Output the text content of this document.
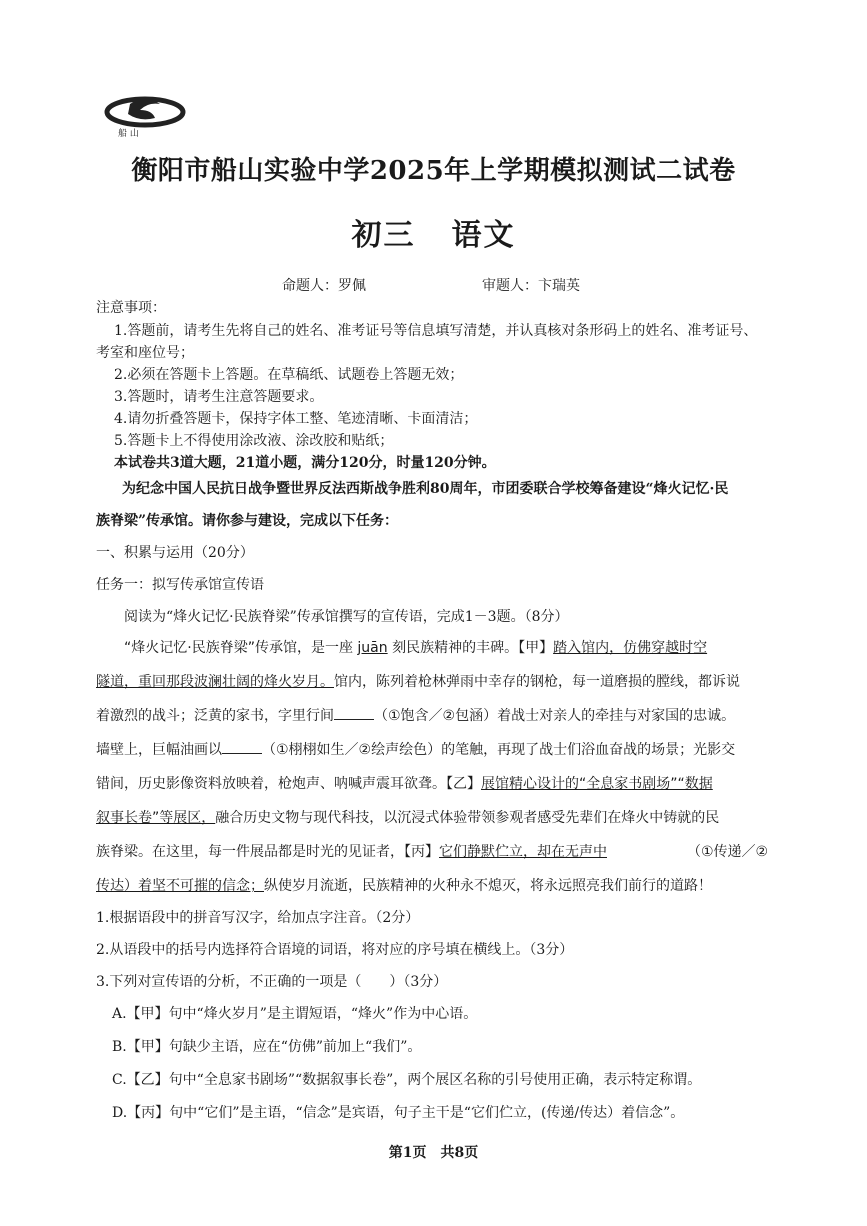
船 山
衡阳市船山实验中学2025年上学期模拟测试二试卷
初三 语文
命题人：罗佩	审题人：卞瑞英
注意事项：
1.答题前，请考生先将自己的姓名、准考证号等信息填写清楚，并认真核对条形码上的姓名、准考证号、
考室和座位号；
2.必须在答题卡上答题。在草稿纸、试题卷上答题无效；
3.答题时，请考生注意答题要求。
4.请勿折叠答题卡，保持字体工整、笔迹清晰、卡面清洁；
5.答题卡上不得使用涂改液、涂改胶和贴纸；
本试卷共3道大题，21道小题，满分120分，时量120分钟。
为纪念中国人民抗日战争暨世界反法西斯战争胜利80周年，市团委联合学校筹备建设“烽火记忆·民
族脊梁”传承馆。请你参与建设，完成以下任务：
一、积累与运用（20分）
任务一：拟写传承馆宣传语
阅读为“烽火记忆·民族脊梁”传承馆撰写的宣传语，完成1－3题。（8分）
“烽火记忆·民族脊梁”传承馆，是一座 juān 刻民族精神的丰碑。【甲】踏入馆内，仿佛穿越时空
隧道，重回那段波澜壮阔的烽火岁月。馆内，陈列着枪林弹雨中幸存的钢枪，每一道磨损的膛线，都诉说
着激烈的战斗；泛黄的家书，字里行间	（①饱含／②包涵）着战士对亲人的牵挂与对家国的忠诚。
墙壁上，巨幅油画以	（①栩栩如生／②绘声绘色）的笔触，再现了战士们浴血奋战的场景；光影交
错间，历史影像资料放映着，枪炮声、呐喊声震耳欲聋。【乙】展馆精心设计的“全息家书剧场”“数据
叙事长卷”等展区，融合历史文物与现代科技，以沉浸式体验带领参观者感受先辈们在烽火中铸就的民
族脊梁。在这里，每一件展品都是时光的见证者，【丙】它们静默伫立，却在无声中	（①传递／②
传达）着坚不可摧的信念；纵使岁月流逝，民族精神的火种永不熄灭，将永远照亮我们前行的道路！
1.根据语段中的拼音写汉字，给加点字注音。（2分）
2.从语段中的括号内选择符合语境的词语，将对应的序号填在横线上。（3分）
3.下列对宣传语的分析，不正确的一项是（　　）（3分）
A.【甲】句中“烽火岁月”是主谓短语，“烽火”作为中心语。
B.【甲】句缺少主语，应在“仿佛”前加上“我们”。
C.【乙】句中“全息家书剧场”“数据叙事长卷”，两个展区名称的引号使用正确，表示特定称谓。
D.【丙】句中“它们”是主语，“信念”是宾语，句子主干是“它们伫立，(传递/传达）着信念”。
第1页　共8页
